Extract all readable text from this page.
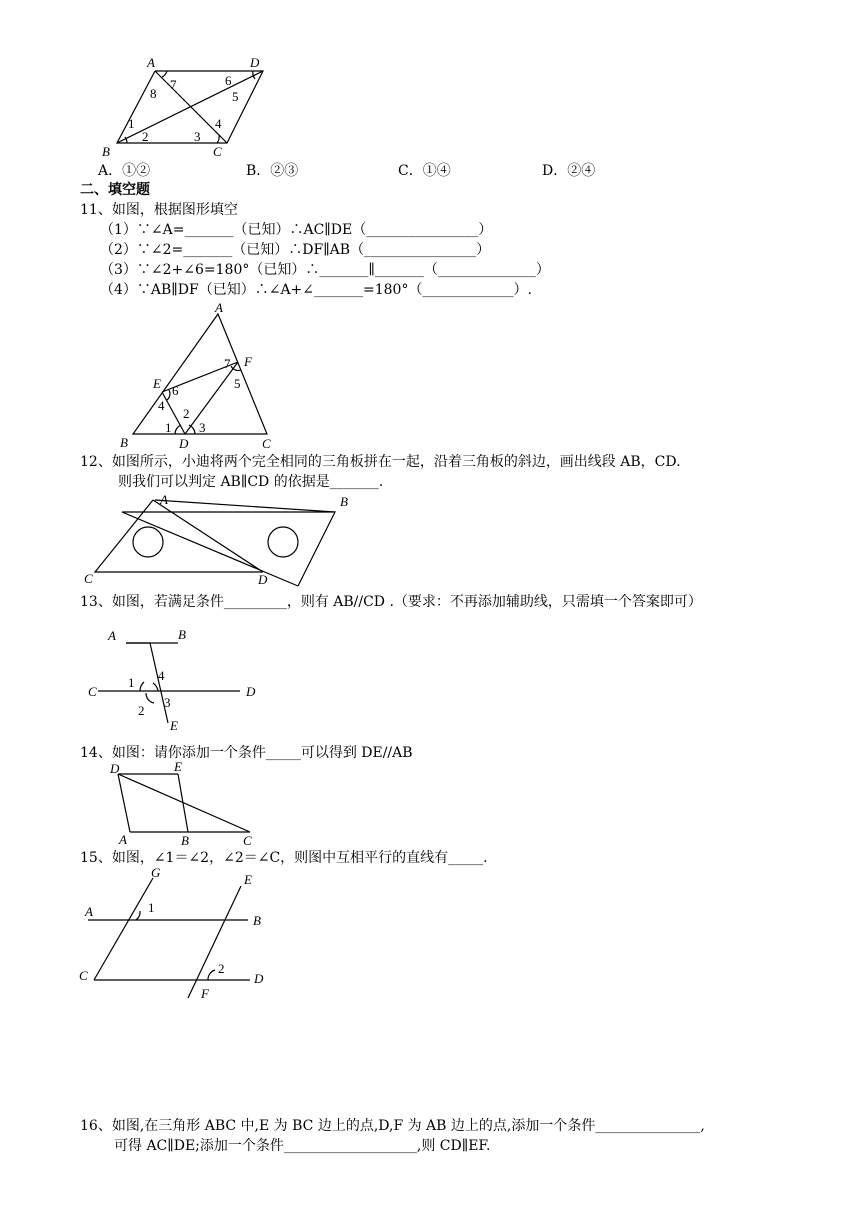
A	D
B	C
1
2	3
4
5
6
7
8
A．①②	B．②③	C．①④	D．②④
二、填空题
11、如图，根据图形填空
（1）∵∠A=_______（已知）∴AC∥DE（________________）
（2）∵∠2=_______（已知）∴DF∥AB（________________）
（3）∵∠2+∠6=180°（已知）∴_______∥_______（______________）
（4）∵AB∥DF（已知）∴∠A+∠_______=180°（_____________）.
A
F
7
5
E 6
4
1
2
3
B	D	C
12、如图所示，小迪将两个完全相同的三角板拼在一起，沿着三角板的斜边，画出线段 AB，CD.
则我们可以判定 AB∥CD 的依据是_______.
A	B
C	D
13、如图，若满足条件_________，则有 AB//CD .（要求：不再添加辅助线，只需填一个答案即可）
A	B
C	D
1 4
2
3
E
14、如图：请你添加一个条件_____可以得到 DE//AB
D	E
A	B	C
15、如图，∠1＝∠2，∠2＝∠C，则图中互相平行的直线有_____.
G	E
A	1
B
C	2
D
F
16、如图,在三角形 ABC 中,E 为 BC 边上的点,D,F 为 AB 边上的点,添加一个条件_______________,
可得 AC∥DE;添加一个条件___________________,则 CD∥EF.
